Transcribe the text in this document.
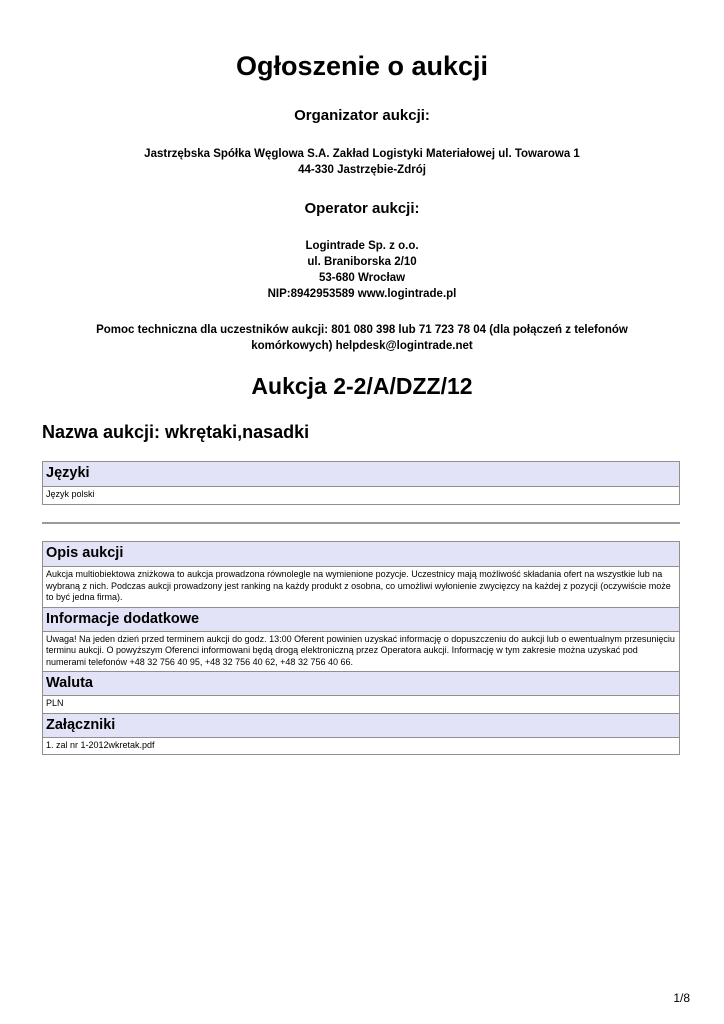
Ogłoszenie o aukcji
Organizator aukcji:
Jastrzębska Spółka Węglowa S.A. Zakład Logistyki Materiałowej ul. Towarowa 1
44-330 Jastrzębie-Zdrój
Operator aukcji:
Logintrade Sp. z o.o.
ul. Braniborska 2/10
53-680 Wrocław
NIP:8942953589 www.logintrade.pl
Pomoc techniczna dla uczestników aukcji: 801 080 398 lub 71 723 78 04 (dla połączeń z telefonów
komórkowych) helpdesk@logintrade.net
Aukcja 2-2/A/DZZ/12
Nazwa aukcji: wkrętaki,nasadki
Języki
Język polski
Opis aukcji
Aukcja multiobiektowa zniżkowa to aukcja prowadzona równolegle na wymienione pozycje. Uczestnicy mają możliwość składania ofert na wszystkie lub na wybraną z nich. Podczas aukcji prowadzony jest ranking na każdy produkt z osobna, co umożliwi wyłonienie zwycięzcy na każdej z pozycji (oczywiście może to być jedna firma).
Informacje dodatkowe
Uwaga! Na jeden dzień przed terminem aukcji do godz. 13:00 Oferent powinien uzyskać informację o dopuszczeniu do aukcji lub o ewentualnym przesunięciu terminu aukcji. O powyższym Oferenci informowani będą drogą elektroniczną przez Operatora aukcji. Informację w tym zakresie można uzyskać pod numerami telefonów +48 32 756 40 95, +48 32 756 40 62, +48 32 756 40 66.
Waluta
PLN
Załączniki
1. zal nr 1-2012wkretak.pdf
1/8
